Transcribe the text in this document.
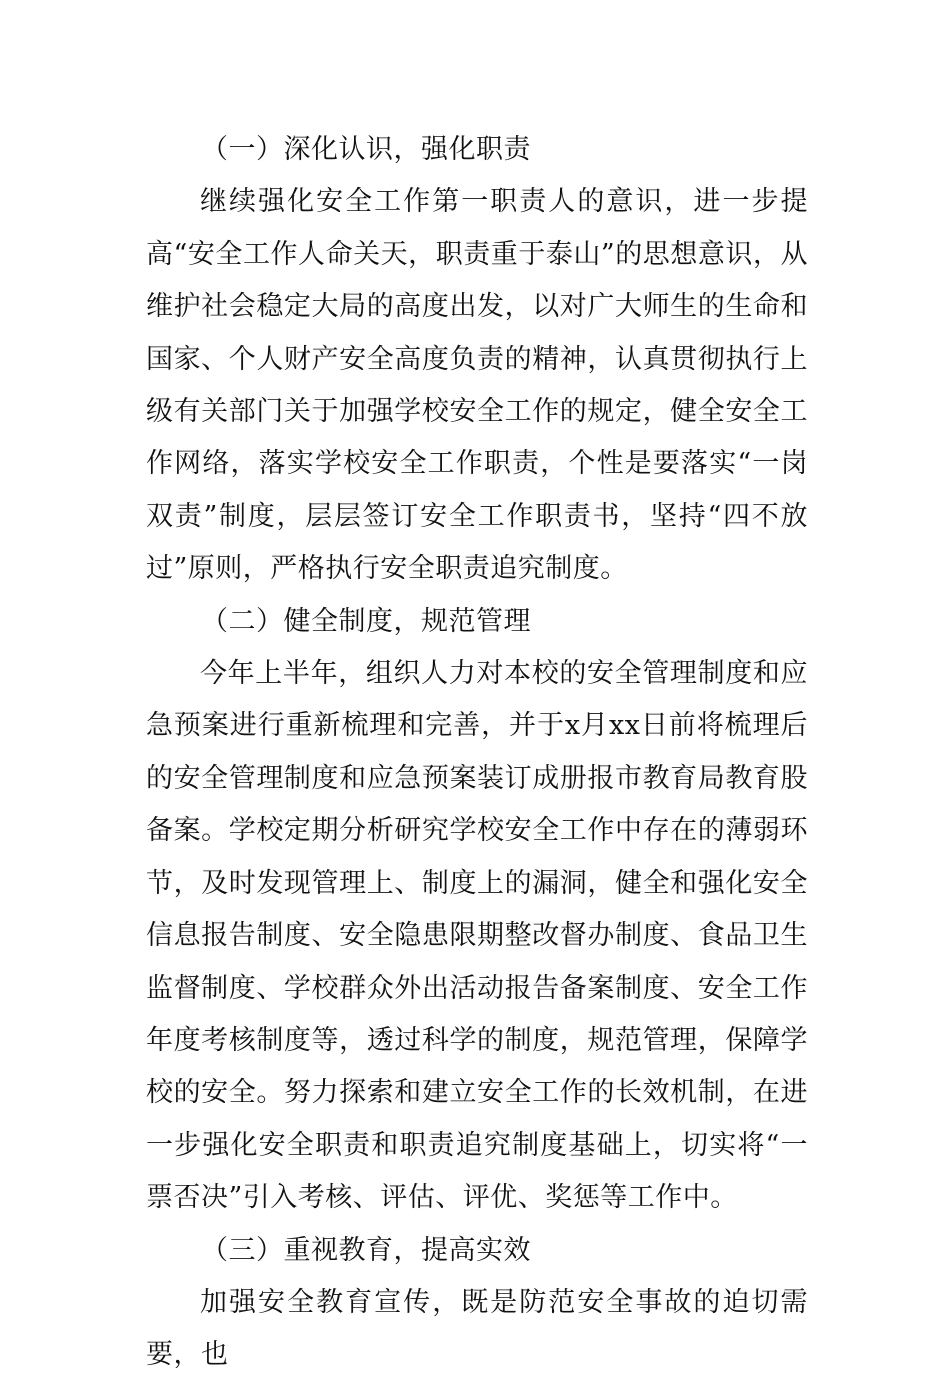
（一）深化认识，强化职责

继续强化安全工作第一职责人的意识，进一步提高“安全工作人命关天，职责重于泰山”的思想意识，从维护社会稳定大局的高度出发，以对广大师生的生命和国家、个人财产安全高度负责的精神，认真贯彻执行上级有关部门关于加强学校安全工作的规定，健全安全工作网络，落实学校安全工作职责，个性是要落实“一岗双责”制度，层层签订安全工作职责书，坚持“四不放过”原则，严格执行安全职责追究制度。

（二）健全制度，规范管理

今年上半年，组织人力对本校的安全管理制度和应急预案进行重新梳理和完善，并于x月xx日前将梳理后的安全管理制度和应急预案装订成册报市教育局教育股备案。学校定期分析研究学校安全工作中存在的薄弱环节，及时发现管理上、制度上的漏洞，健全和强化安全信息报告制度、安全隐患限期整改督办制度、食品卫生监督制度、学校群众外出活动报告备案制度、安全工作年度考核制度等，透过科学的制度，规范管理，保障学校的安全。努力探索和建立安全工作的长效机制，在进一步强化安全职责和职责追究制度基础上，切实将“一票否决”引入考核、评估、评优、奖惩等工作中。

（三）重视教育，提高实效

加强安全教育宣传，既是防范安全事故的迫切需要，也
